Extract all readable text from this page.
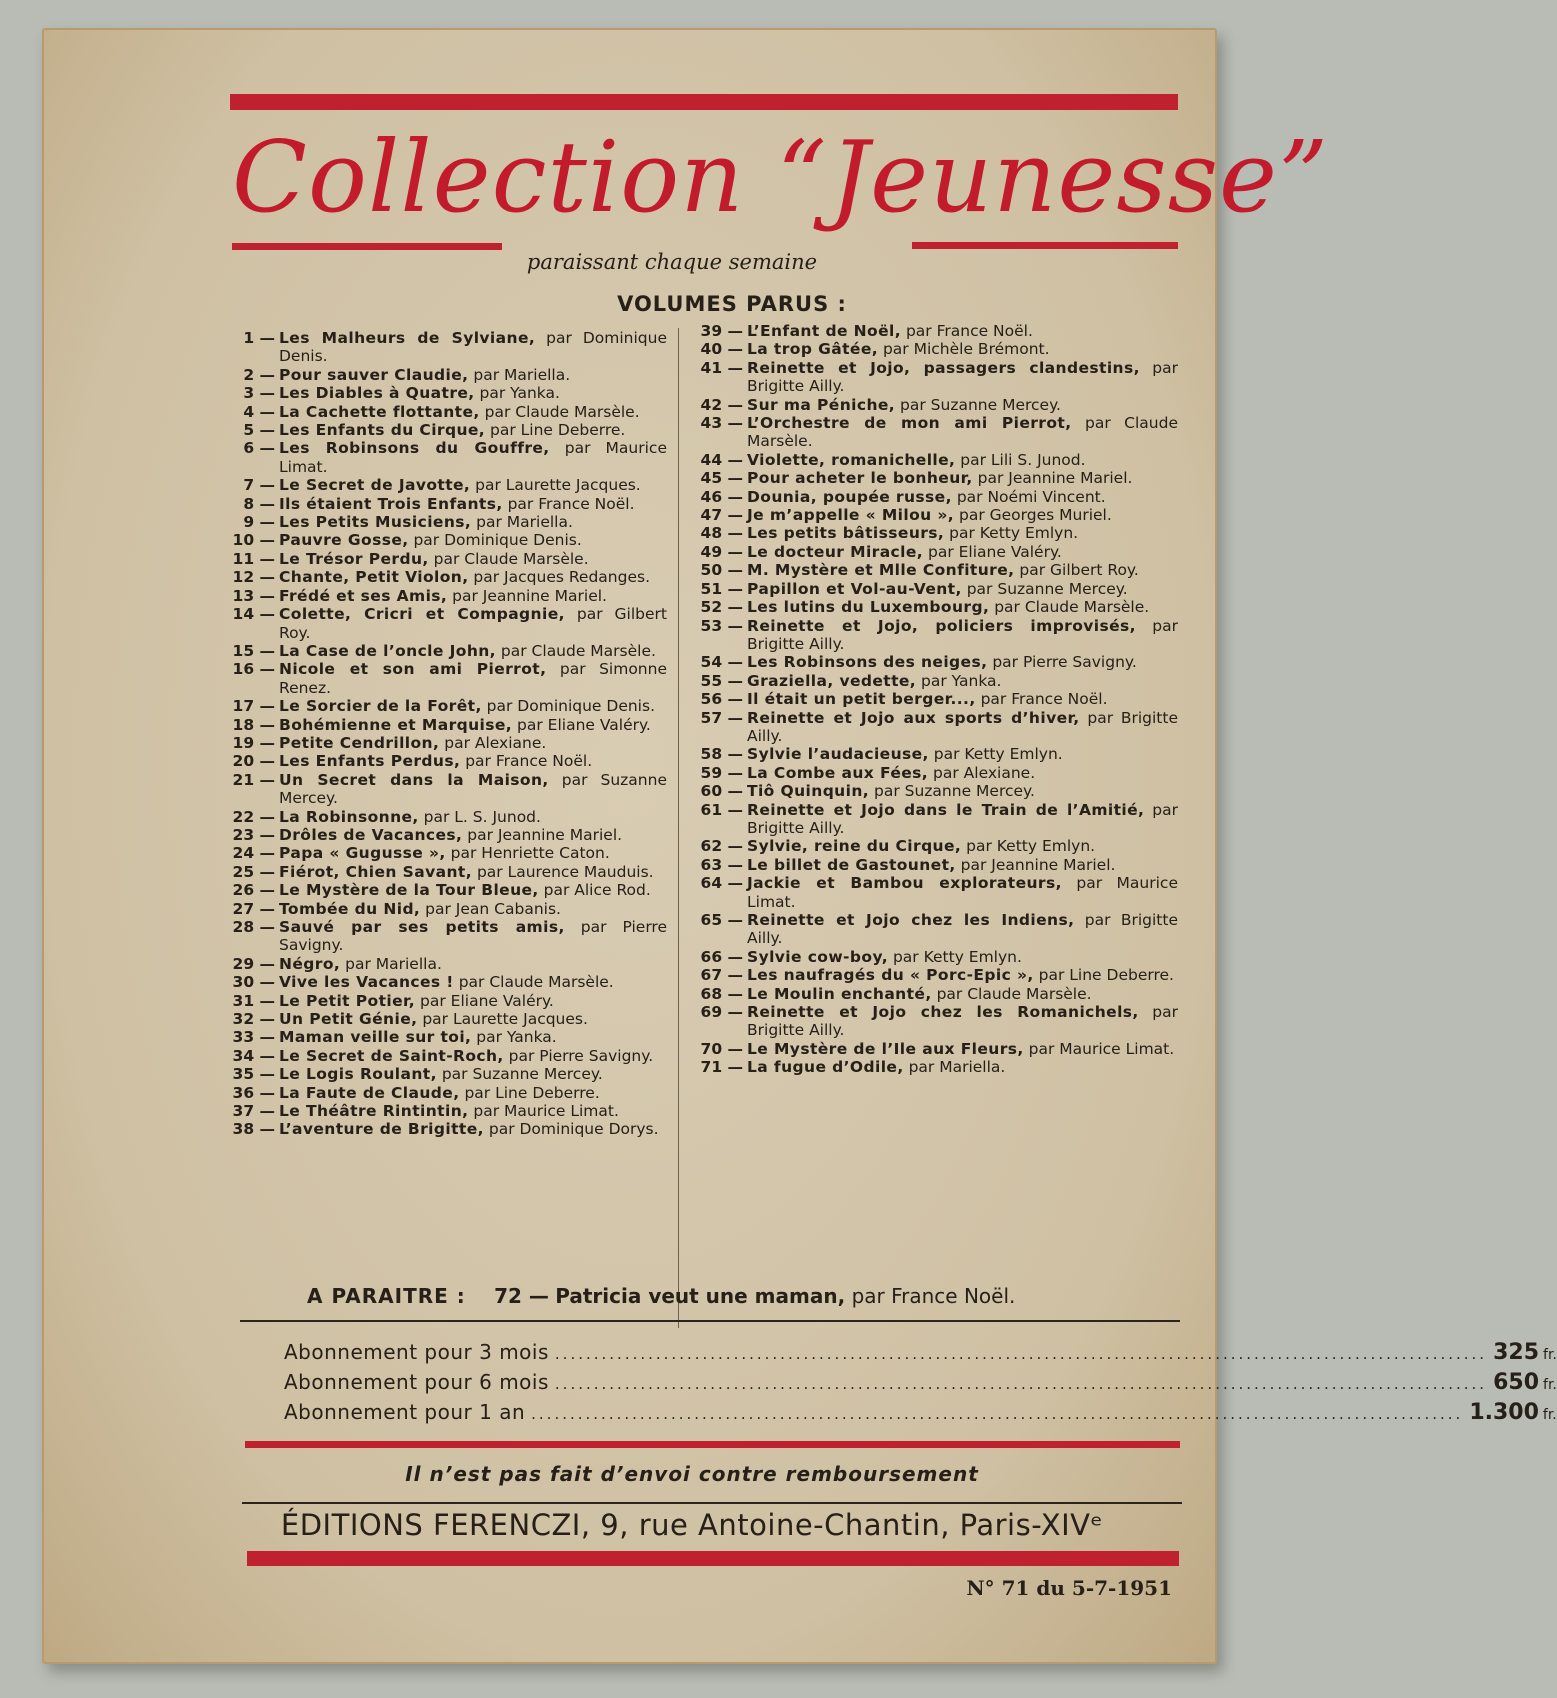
Collection “Jeunesse”
paraissant chaque semaine
VOLUMES PARUS :
1 — Les Malheurs de Sylviane, par Dominique Denis.
2 — Pour sauver Claudie, par Mariella.
3 — Les Diables à Quatre, par Yanka.
4 — La Cachette flottante, par Claude Marsèle.
5 — Les Enfants du Cirque, par Line Deberre.
6 — Les Robinsons du Gouffre, par Maurice Limat.
7 — Le Secret de Javotte, par Laurette Jacques.
8 — Ils étaient Trois Enfants, par France Noël.
9 — Les Petits Musiciens, par Mariella.
10 — Pauvre Gosse, par Dominique Denis.
11 — Le Trésor Perdu, par Claude Marsèle.
12 — Chante, Petit Violon, par Jacques Redanges.
13 — Frédé et ses Amis, par Jeannine Mariel.
14 — Colette, Cricri et Compagnie, par Gilbert Roy.
15 — La Case de l’oncle John, par Claude Marsèle.
16 — Nicole et son ami Pierrot, par Simonne Renez.
17 — Le Sorcier de la Forêt, par Dominique Denis.
18 — Bohémienne et Marquise, par Eliane Valéry.
19 — Petite Cendrillon, par Alexiane.
20 — Les Enfants Perdus, par France Noël.
21 — Un Secret dans la Maison, par Suzanne Mercey.
22 — La Robinsonne, par L. S. Junod.
23 — Drôles de Vacances, par Jeannine Mariel.
24 — Papa « Gugusse », par Henriette Caton.
25 — Fiérot, Chien Savant, par Laurence Mauduis.
26 — Le Mystère de la Tour Bleue, par Alice Rod.
27 — Tombée du Nid, par Jean Cabanis.
28 — Sauvé par ses petits amis, par Pierre Savigny.
29 — Négro, par Mariella.
30 — Vive les Vacances ! par Claude Marsèle.
31 — Le Petit Potier, par Eliane Valéry.
32 — Un Petit Génie, par Laurette Jacques.
33 — Maman veille sur toi, par Yanka.
34 — Le Secret de Saint-Roch, par Pierre Savigny.
35 — Le Logis Roulant, par Suzanne Mercey.
36 — La Faute de Claude, par Line Deberre.
37 — Le Théâtre Rintintin, par Maurice Limat.
38 — L’aventure de Brigitte, par Dominique Dorys.
39 — L’Enfant de Noël, par France Noël.
40 — La trop Gâtée, par Michèle Brémont.
41 — Reinette et Jojo, passagers clandestins, par Brigitte Ailly.
42 — Sur ma Péniche, par Suzanne Mercey.
43 — L’Orchestre de mon ami Pierrot, par Claude Marsèle.
44 — Violette, romanichelle, par Lili S. Junod.
45 — Pour acheter le bonheur, par Jeannine Mariel.
46 — Dounia, poupée russe, par Noémi Vincent.
47 — Je m’appelle « Milou », par Georges Muriel.
48 — Les petits bâtisseurs, par Ketty Emlyn.
49 — Le docteur Miracle, par Eliane Valéry.
50 — M. Mystère et Mlle Confiture, par Gilbert Roy.
51 — Papillon et Vol-au-Vent, par Suzanne Mercey.
52 — Les lutins du Luxembourg, par Claude Marsèle.
53 — Reinette et Jojo, policiers improvisés, par Brigitte Ailly.
54 — Les Robinsons des neiges, par Pierre Savigny.
55 — Graziella, vedette, par Yanka.
56 — Il était un petit berger..., par France Noël.
57 — Reinette et Jojo aux sports d’hiver, par Brigitte Ailly.
58 — Sylvie l’audacieuse, par Ketty Emlyn.
59 — La Combe aux Fées, par Alexiane.
60 — Tiô Quinquin, par Suzanne Mercey.
61 — Reinette et Jojo dans le Train de l’Amitié, par Brigitte Ailly.
62 — Sylvie, reine du Cirque, par Ketty Emlyn.
63 — Le billet de Gastounet, par Jeannine Mariel.
64 — Jackie et Bambou explorateurs, par Maurice Limat.
65 — Reinette et Jojo chez les Indiens, par Brigitte Ailly.
66 — Sylvie cow-boy, par Ketty Emlyn.
67 — Les naufragés du « Porc-Epic », par Line Deberre.
68 — Le Moulin enchanté, par Claude Marsèle.
69 — Reinette et Jojo chez les Romanichels, par Brigitte Ailly.
70 — Le Mystère de l’Ile aux Fleurs, par Maurice Limat.
71 — La fugue d’Odile, par Mariella.
A PARAITRE : 72 — Patricia veut une maman, par France Noël.
Abonnement pour 3 mois ........................................................................................................................ 325 fr.
Abonnement pour 6 mois ........................................................................................................................ 650 fr.
Abonnement pour 1 an ........................................................................................................................ 1.300 fr.
Il n’est pas fait d’envoi contre remboursement
ÉDITIONS FERENCZI, 9, rue Antoine-Chantin, Paris-XIVᵉ
N° 71 du 5-7-1951
